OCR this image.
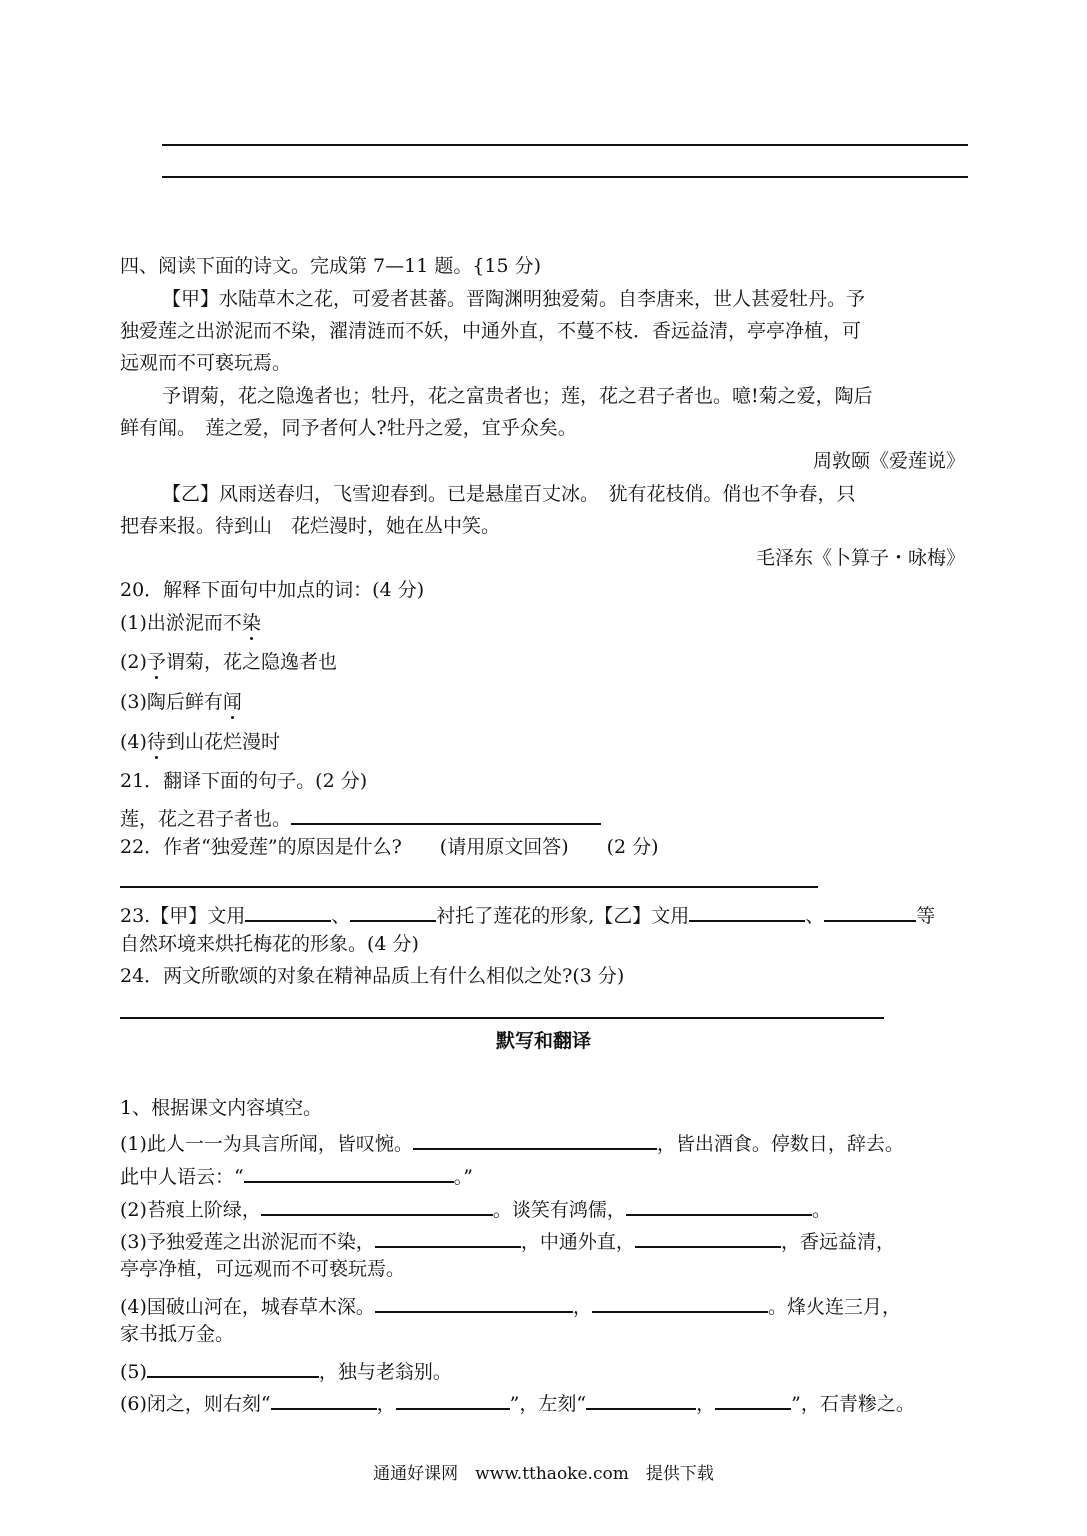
四、阅读下面的诗文。完成第 7—11 题。{15 分)
【甲】水陆草木之花，可爱者甚蕃。晋陶渊明独爱菊。自李唐来，世人甚爱牡丹。予
独爱莲之出淤泥而不染，濯清涟而不妖，中通外直，不蔓不枝．香远益清，亭亭净植，可
远观而不可亵玩焉。
予谓菊，花之隐逸者也；牡丹，花之富贵者也；莲，花之君子者也。噫!菊之爱，陶后
鲜有闻。　莲之爱，同予者何人?牡丹之爱，宜乎众矣。
周敦颐《爱莲说》
【乙】风雨送春归，飞雪迎春到。已是悬崖百丈冰。　犹有花枝俏。俏也不争春，只
把春来报。待到山　花烂漫时，她在丛中笑。
毛泽东《卜算子・咏梅》
20．解释下面句中加点的词：(4 分)
(1)出淤泥而不染
(2)予谓菊，花之隐逸者也
(3)陶后鲜有闻
(4)待到山花烂漫时
21．翻译下面的句子。(2 分)
莲，花之君子者也。
22．作者“独爱莲”的原因是什么?　　(请用原文回答)　　(2 分)
23.【甲】文用	、	衬托了莲花的形象,【乙】文用	、	等
自然环境来烘托梅花的形象。(4 分)
24．两文所歌颂的对象在精神品质上有什么相似之处?(3 分)
默写和翻译
1、根据课文内容填空。
(1)此人一一为具言所闻，皆叹惋。	，皆出酒食。停数日，辞去。
此中人语云：“	。”
(2)苔痕上阶绿，	。谈笑有鸿儒，	。
(3)予独爱莲之出淤泥而不染，	，中通外直，	，香远益清，
亭亭净植，可远观而不可亵玩焉。
(4)国破山河在，城春草木深。	，	。烽火连三月，
家书抵万金。
(5)	，独与老翁别。
(6)闭之，则右刻“	，	”，左刻“	，	”，石青糁之。
通通好课网　www.tthaoke.com　提供下载
